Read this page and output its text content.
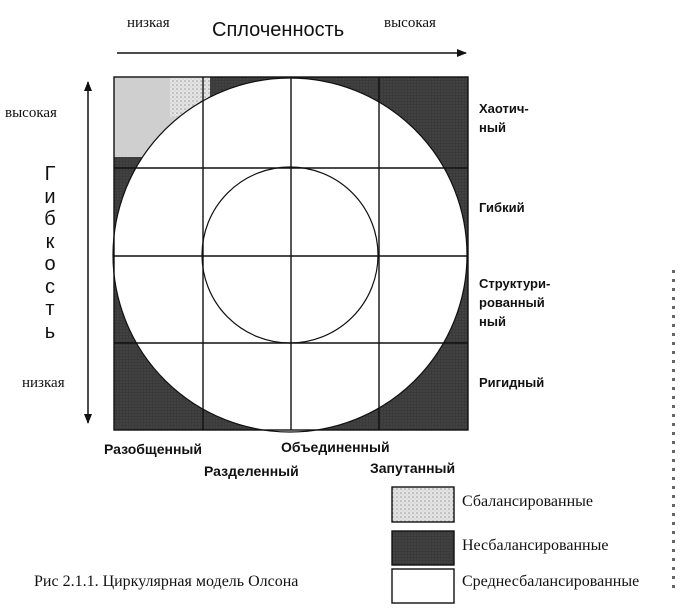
Сплоченность
низкая	высокая
высокая
низкая
Г
и
б
к
о
с
т
ь
Хаотич-
ный
Гибкий
Структури-
рованный
ный
Ригидный
Разобщенный	Объединенный
Разделенный	Запутанный
Сбалансированные
Несбалансированные
Среднесбалансированные
Рис 2.1.1. Циркулярная модель Олсона
